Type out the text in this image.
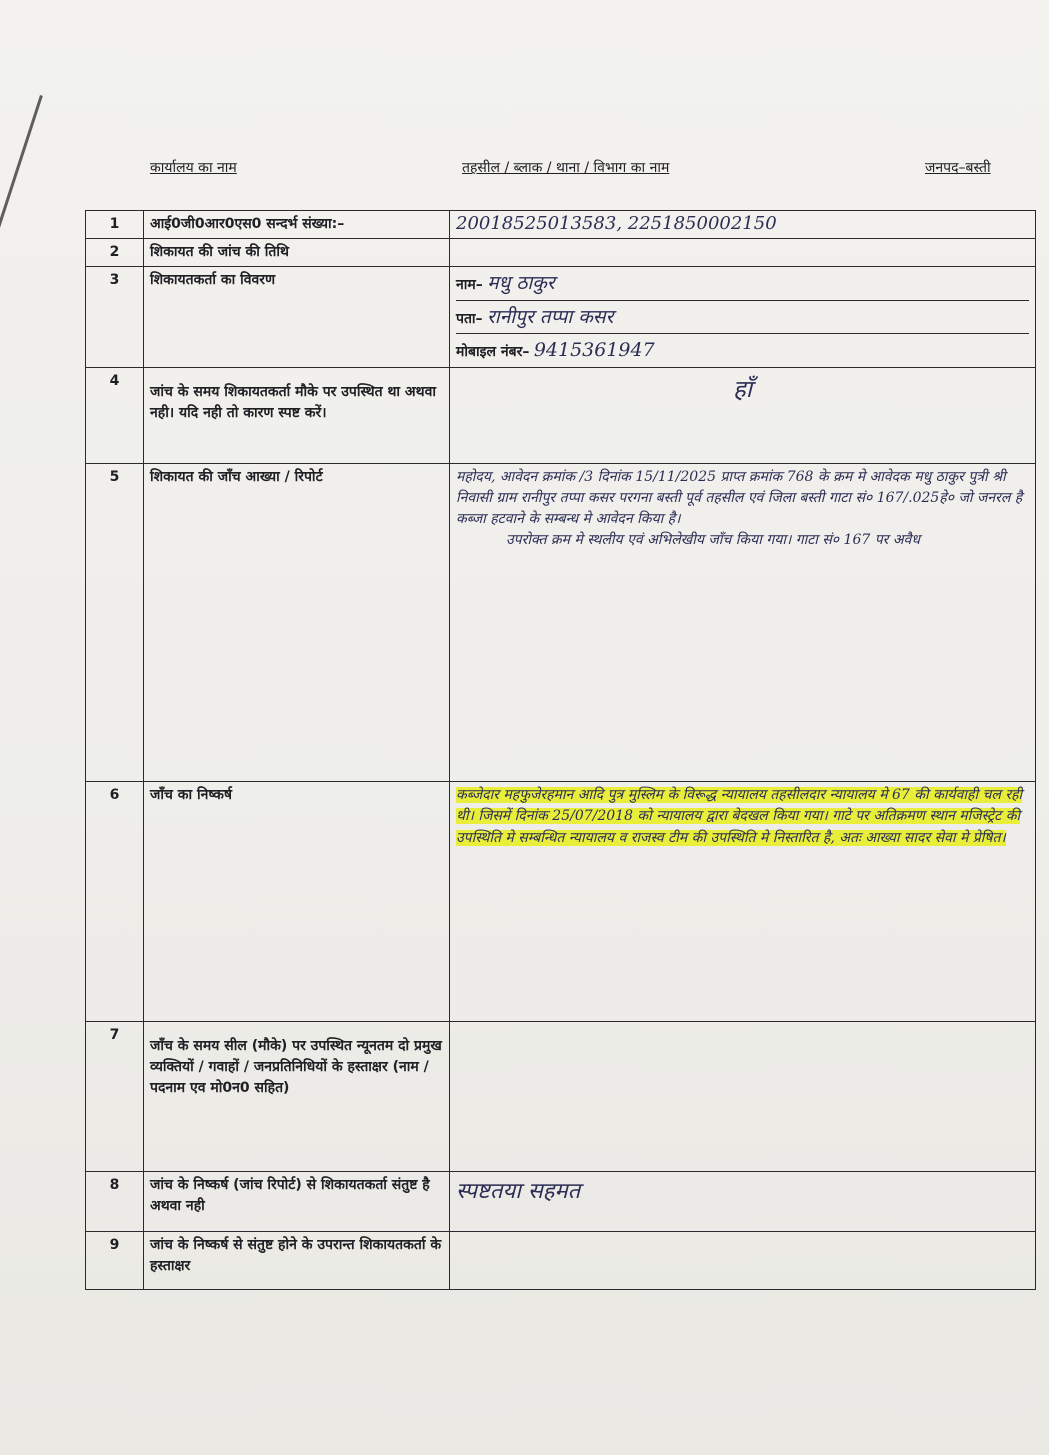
कार्यालय का नाम	तहसील / ब्लाक / थाना / विभाग का नाम	जनपद–बस्ती
1	आई0जी0आर0एस0 सन्दर्भ संख्या:–	20018525013583, 2251850002150
2	शिकायत की जांच की तिथि	
3	शिकायतकर्ता का विवरण	नाम– मधु ठाकुर
पता– रानीपुर तप्पा कसर
मोबाइल नंबर– 9415361947

4	जांच के समय शिकायतकर्ता मौके पर उपस्थित था अथवा नही। यदि नही तो कारण स्पष्ट करें।	हाँ
5	शिकायत की जाँच आख्या / रिपोर्ट	महोदय, आवेदन क्रमांक /3 दिनांक 15/11/2025 प्राप्त क्रमांक 768 के क्रम मे आवेदक मधु ठाकुर पुत्री श्री निवासी ग्राम रानीपुर तप्पा कसर परगना बस्ती पूर्व तहसील एवं जिला बस्ती गाटा सं० 167/.025हे० जो जनरल है कब्जा हटवाने के सम्बन्ध मे आवेदन किया है।

उपरोक्त क्रम मे स्थलीय एवं अभिलेखीय जाँच किया गया। गाटा सं० 167 पर अवैध

6	जाँच का निष्कर्ष	कब्जेदार महफुजेरहमान आदि पुत्र मुस्लिम के विरूद्ध न्यायालय तहसीलदार न्यायालय मे 67 की कार्यवाही चल रही थी। जिसमें दिनांक 25/07/2018 को न्यायालय द्वारा बेदखल किया गया। गाटे पर अतिक्रमण स्थान मजिस्ट्रेट की उपस्थिति मे सम्बन्धित न्यायालय व राजस्व टीम की उपस्थिति मे निस्तारित है, अतः आख्या सादर सेवा मे प्रेषित।
7	जाँच के समय सील (मौके) पर उपस्थित न्यूनतम दो प्रमुख व्यक्तियों / गवाहों / जनप्रतिनिधियों के हस्ताक्षर (नाम / पदनाम एव मो0न0 सहित)	
8	जांच के निष्कर्ष (जांच रिपोर्ट) से शिकायतकर्ता संतुष्ट है अथवा नही	स्पष्टतया सहमत
9	जांच के निष्कर्ष से संतुष्ट होने के उपरान्त शिकायतकर्ता के हस्ताक्षर	
